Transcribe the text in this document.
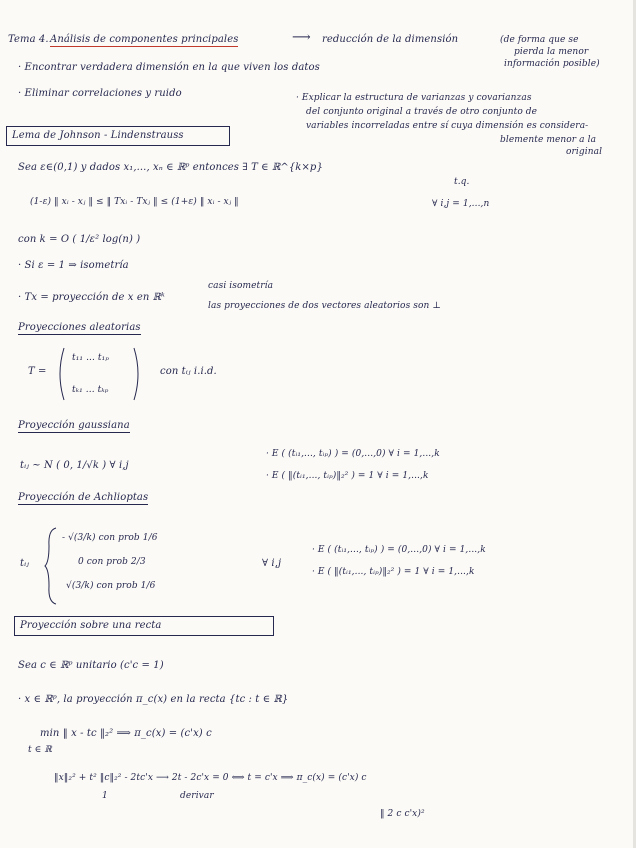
Tema 4. Análisis de componentes principales	⟶ reducción de la dimensión	(de forma que se
pierda la menor
información posible)
· Encontrar verdadera dimensión en la que viven los datos
· Eliminar correlaciones y ruido	· Explicar la estructura de varianzas y covarianzas
del conjunto original a través de otro conjunto de
variables incorreladas entre sí cuya dimensión es considera-
blemente menor a la
original
Lema de Johnson - Lindenstrauss
Sea ε∈(0,1) y dados x₁,..., xₙ ∈ ℝᵖ entonces ∃ T ∈ ℝ^{k×p}
t.q.
(1-ε) ‖ xᵢ - xⱼ ‖ ≤ ‖ Txᵢ - Txⱼ ‖ ≤ (1+ε) ‖ xᵢ - xⱼ ‖	∀ i,j = 1,...,n
con k = O ( 1/ε² log(n) )
· Si ε = 1 ⇒ isometría
· Tx = proyección de x en ℝᵏ
casi isometría
las proyecciones de dos vectores aleatorios son ⊥
Proyecciones aleatorias
T =
t₁₁ ... t₁ₚ
tₖ₁ ... tₖₚ
con tᵢⱼ i.i.d.
Proyección gaussiana
tᵢⱼ ~ N ( 0, 1/√k ) ∀ i,j
· E ( (tᵢ₁,..., tᵢₚ) ) = (0,...,0) ∀ i = 1,...,k
· E ( ‖(tᵢ₁,..., tᵢₚ)‖₂² ) = 1 ∀ i = 1,...,k
Proyección de Achlioptas
tᵢⱼ
- √(3/k) con prob 1/6
0 con prob 2/3
√(3/k) con prob 1/6
∀ i,j
· E ( (tᵢ₁,..., tᵢₚ) ) = (0,...,0) ∀ i = 1,...,k
· E ( ‖(tᵢ₁,..., tᵢₚ)‖₂² ) = 1 ∀ i = 1,...,k
Proyección sobre una recta
Sea c ∈ ℝᵖ unitario (c'c = 1)
· x ∈ ℝᵖ, la proyección π_c(x) en la recta {tc : t ∈ ℝ}
min ‖ x - tc ‖₂² ⟹ π_c(x) = (c'x) c
t ∈ ℝ
‖x‖₂² + t² ‖c‖₂² - 2tc'x ⟶ 2t - 2c'x = 0 ⟺ t = c'x ⟹ π_c(x) = (c'x) c
1	derivar
‖ 2 c c'x)²
